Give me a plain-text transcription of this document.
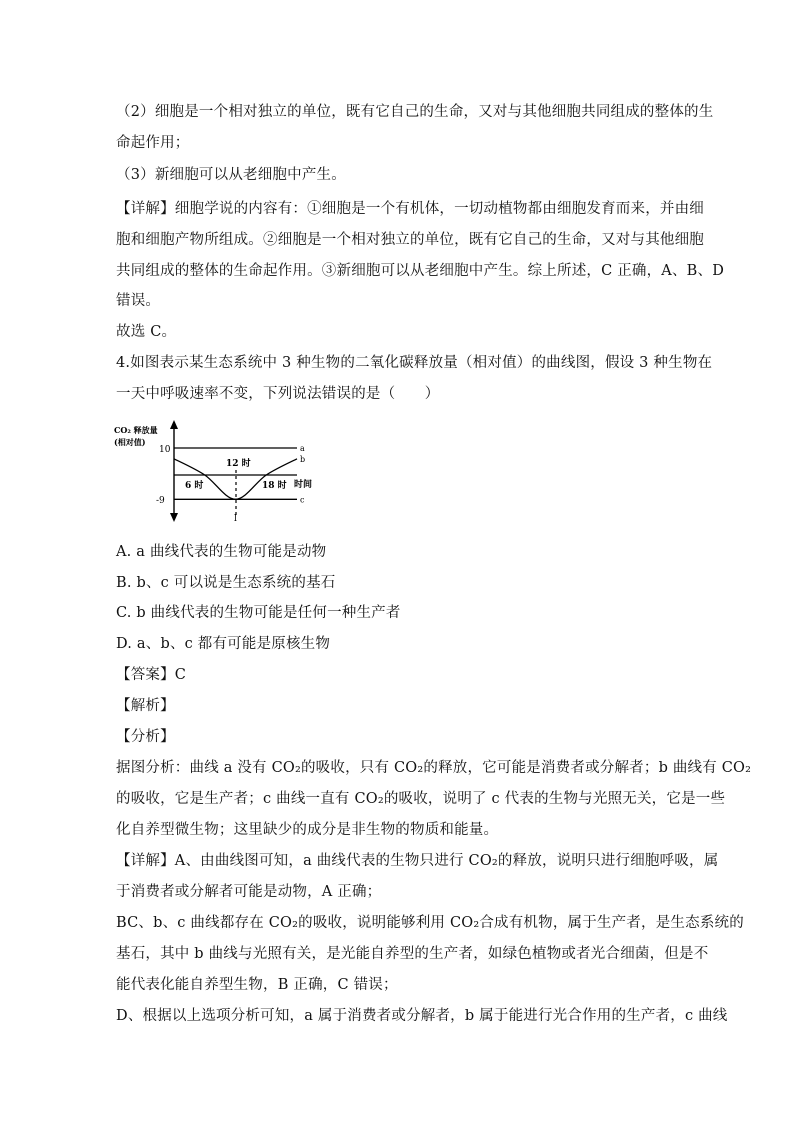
（2）细胞是一个相对独立的单位，既有它自己的生命，又对与其他细胞共同组成的整体的生
命起作用；
（3）新细胞可以从老细胞中产生。
【详解】细胞学说的内容有：①细胞是一个有机体，一切动植物都由细胞发育而来，并由细
胞和细胞产物所组成。②细胞是一个相对独立的单位，既有它自己的生命，又对与其他细胞
共同组成的整体的生命起作用。③新细胞可以从老细胞中产生。综上所述，C 正确，A、B、D
错误。
故选 C。
4.如图表示某生态系统中 3 种生物的二氧化碳释放量（相对值）的曲线图，假设 3 种生物在
一天中呼吸速率不变，下列说法错误的是（　　）
CO₂ 释放量
(相对值)
10
-9
a
b
c
l
12 时
6 时	18 时 时间
A. a 曲线代表的生物可能是动物
B. b、c 可以说是生态系统的基石
C. b 曲线代表的生物可能是任何一种生产者
D. a、b、c 都有可能是原核生物
【答案】C
【解析】
【分析】
据图分析：曲线 a 没有 CO₂的吸收，只有 CO₂的释放，它可能是消费者或分解者；b 曲线有 CO₂
的吸收，它是生产者；c 曲线一直有 CO₂的吸收，说明了 c 代表的生物与光照无关，它是一些
化自养型微生物；这里缺少的成分是非生物的物质和能量。
【详解】A、由曲线图可知，a 曲线代表的生物只进行 CO₂的释放，说明只进行细胞呼吸，属
于消费者或分解者可能是动物，A 正确；
BC、b、c 曲线都存在 CO₂的吸收，说明能够利用 CO₂合成有机物，属于生产者，是生态系统的
基石，其中 b 曲线与光照有关，是光能自养型的生产者，如绿色植物或者光合细菌，但是不
能代表化能自养型生物，B 正确，C 错误；
D、根据以上选项分析可知，a 属于消费者或分解者，b 属于能进行光合作用的生产者，c 曲线
